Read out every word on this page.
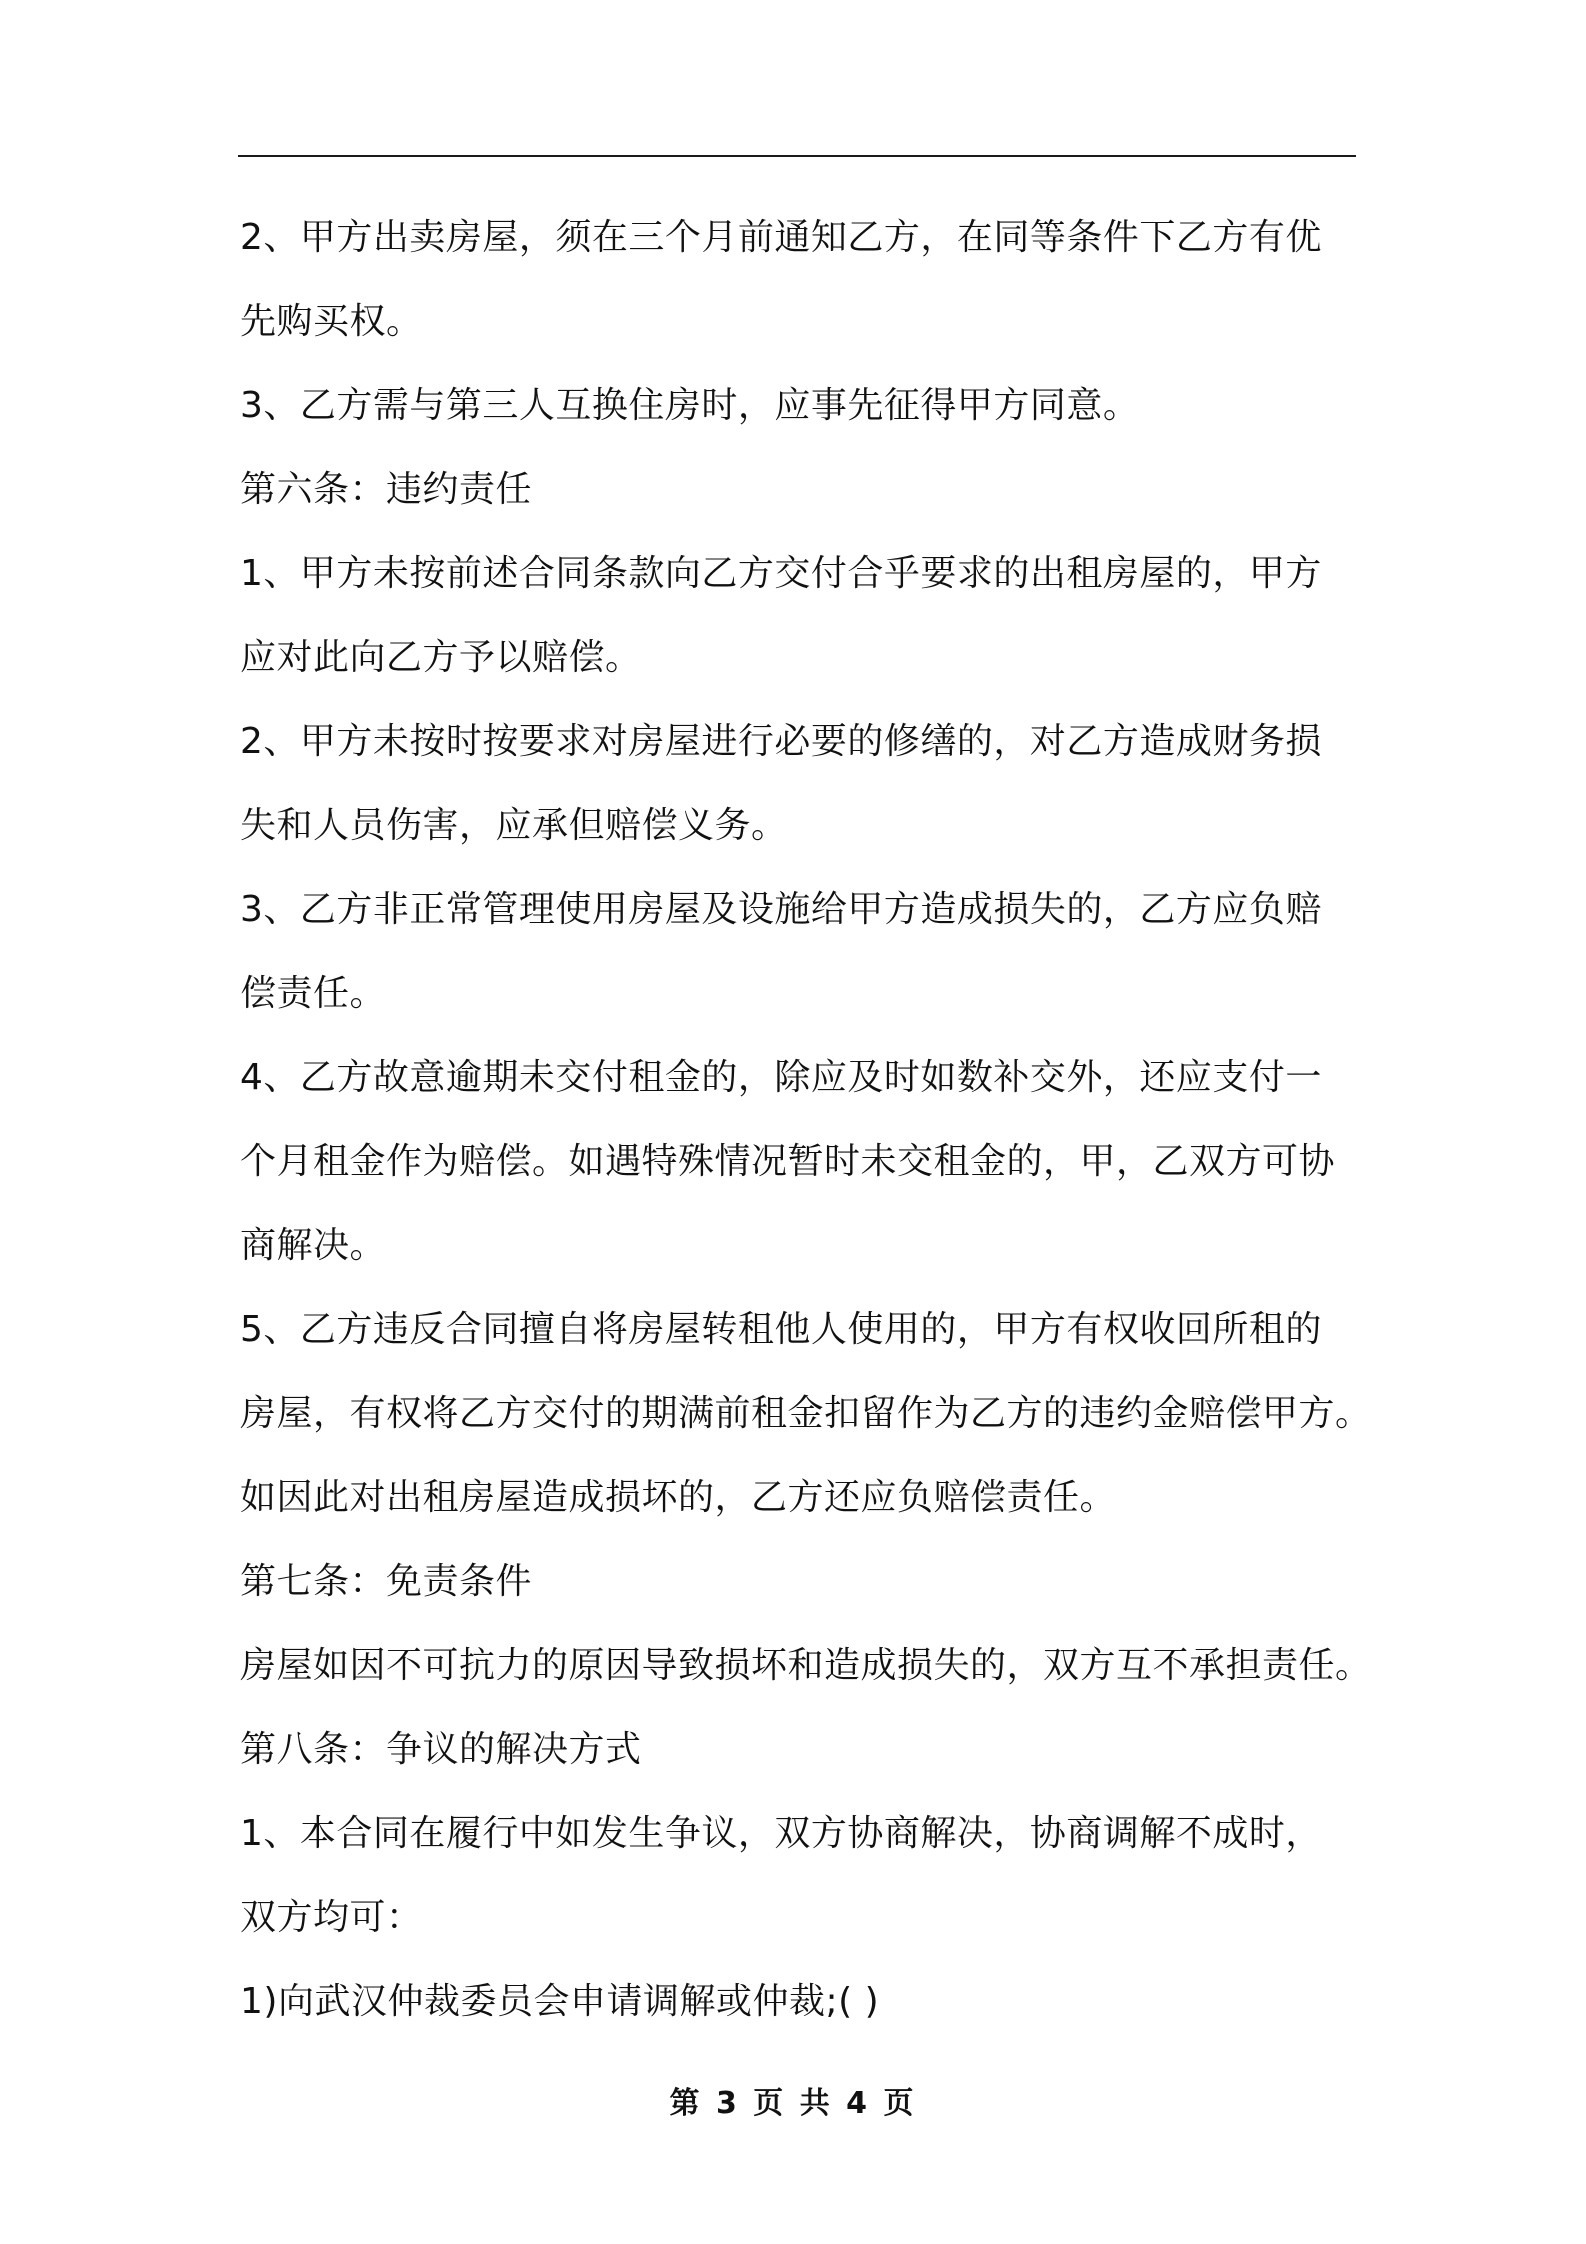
2、甲方出卖房屋，须在三个月前通知乙方，在同等条件下乙方有优
先购买权。
3、乙方需与第三人互换住房时，应事先征得甲方同意。
第六条：违约责任
1、甲方未按前述合同条款向乙方交付合乎要求的出租房屋的，甲方
应对此向乙方予以赔偿。
2、甲方未按时按要求对房屋进行必要的修缮的，对乙方造成财务损
失和人员伤害，应承但赔偿义务。
3、乙方非正常管理使用房屋及设施给甲方造成损失的，乙方应负赔
偿责任。
4、乙方故意逾期未交付租金的，除应及时如数补交外，还应支付一
个月租金作为赔偿。如遇特殊情况暂时未交租金的，甲，乙双方可协
商解决。
5、乙方违反合同擅自将房屋转租他人使用的，甲方有权收回所租的
房屋，有权将乙方交付的期满前租金扣留作为乙方的违约金赔偿甲方。
如因此对出租房屋造成损坏的，乙方还应负赔偿责任。
第七条：免责条件
房屋如因不可抗力的原因导致损坏和造成损失的，双方互不承担责任。
第八条：争议的解决方式
1、本合同在履行中如发生争议，双方协商解决，协商调解不成时，
双方均可：
1)向武汉仲裁委员会申请调解或仲裁;( )
第 3 页 共 4 页
